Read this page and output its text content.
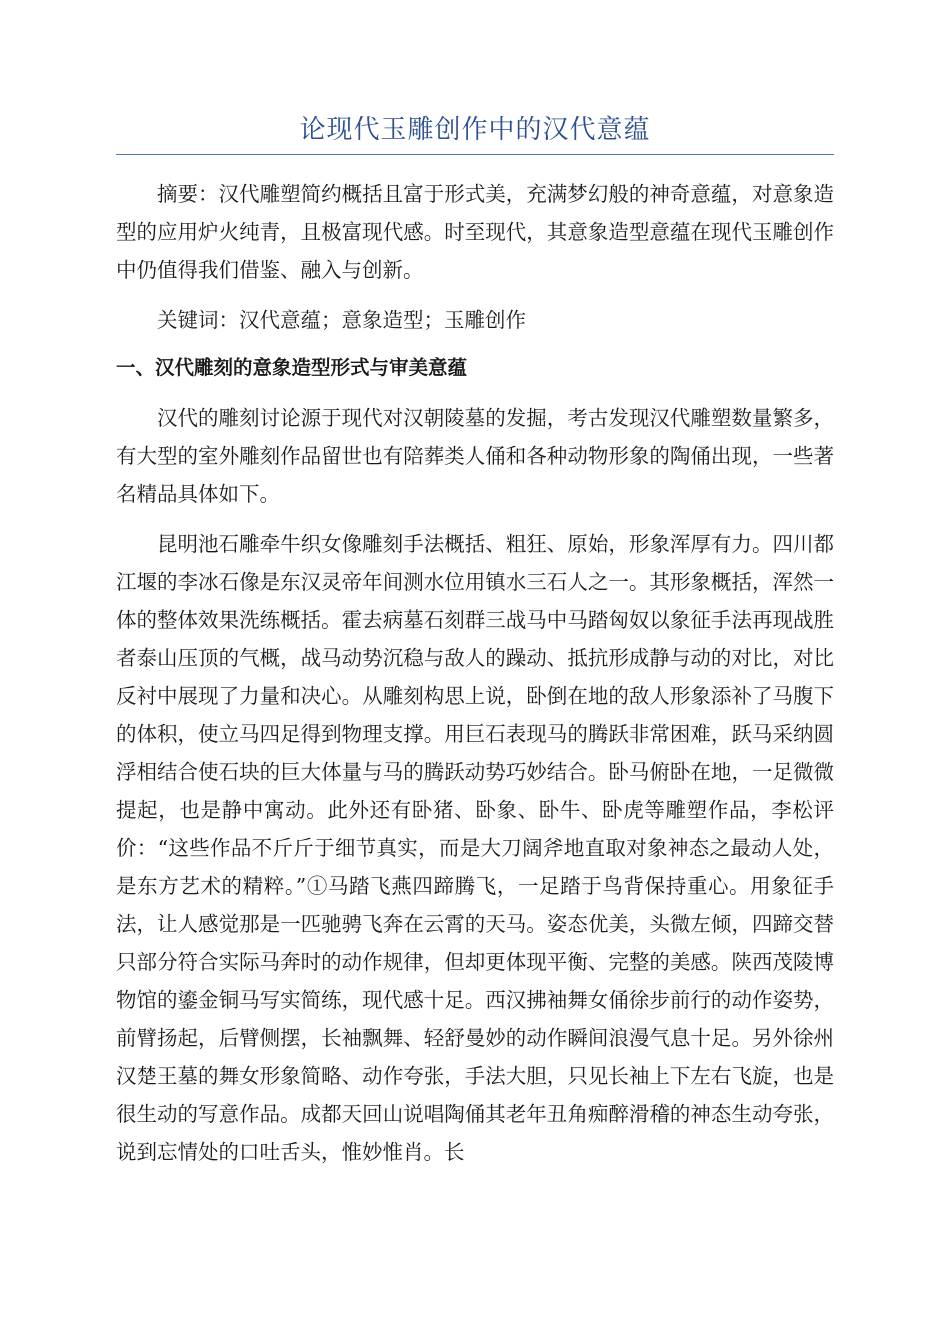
论现代玉雕创作中的汉代意蕴

摘要：汉代雕塑简约概括且富于形式美，充满梦幻般的神奇意蕴，对意象造型的应用炉火纯青，且极富现代感。时至现代，其意象造型意蕴在现代玉雕创作中仍值得我们借鉴、融入与创新。

关键词：汉代意蕴；意象造型；玉雕创作

一、汉代雕刻的意象造型形式与审美意蕴

汉代的雕刻讨论源于现代对汉朝陵墓的发掘，考古发现汉代雕塑数量繁多，有大型的室外雕刻作品留世也有陪葬类人俑和各种动物形象的陶俑出现，一些著名精品具体如下。

昆明池石雕牵牛织女像雕刻手法概括、粗狂、原始，形象浑厚有力。四川都江堰的李冰石像是东汉灵帝年间测水位用镇水三石人之一。其形象概括，浑然一体的整体效果洗练概括。霍去病墓石刻群三战马中马踏匈奴以象征手法再现战胜者泰山压顶的气概，战马动势沉稳与敌人的躁动、抵抗形成静与动的对比，对比反衬中展现了力量和决心。从雕刻构思上说，卧倒在地的敌人形象添补了马腹下的体积，使立马四足得到物理支撑。用巨石表现马的腾跃非常困难，跃马采纳圆浮相结合使石块的巨大体量与马的腾跃动势巧妙结合。卧马俯卧在地，一足微微提起，也是静中寓动。此外还有卧猪、卧象、卧牛、卧虎等雕塑作品，李松评价：“这些作品不斤斤于细节真实，而是大刀阔斧地直取对象神态之最动人处，是东方艺术的精粹。”①马踏飞燕四蹄腾飞，一足踏于鸟背保持重心。用象征手法，让人感觉那是一匹驰骋飞奔在云霄的天马。姿态优美，头微左倾，四蹄交替只部分符合实际马奔时的动作规律，但却更体现平衡、完整的美感。陕西茂陵博物馆的鎏金铜马写实简练，现代感十足。西汉拂袖舞女俑徐步前行的动作姿势，前臂扬起，后臂侧摆，长袖飘舞、轻舒曼妙的动作瞬间浪漫气息十足。另外徐州汉楚王墓的舞女形象简略、动作夸张，手法大胆，只见长袖上下左右飞旋，也是很生动的写意作品。成都天回山说唱陶俑其老年丑角痴醉滑稽的神态生动夸张，说到忘情处的口吐舌头，惟妙惟肖。长
